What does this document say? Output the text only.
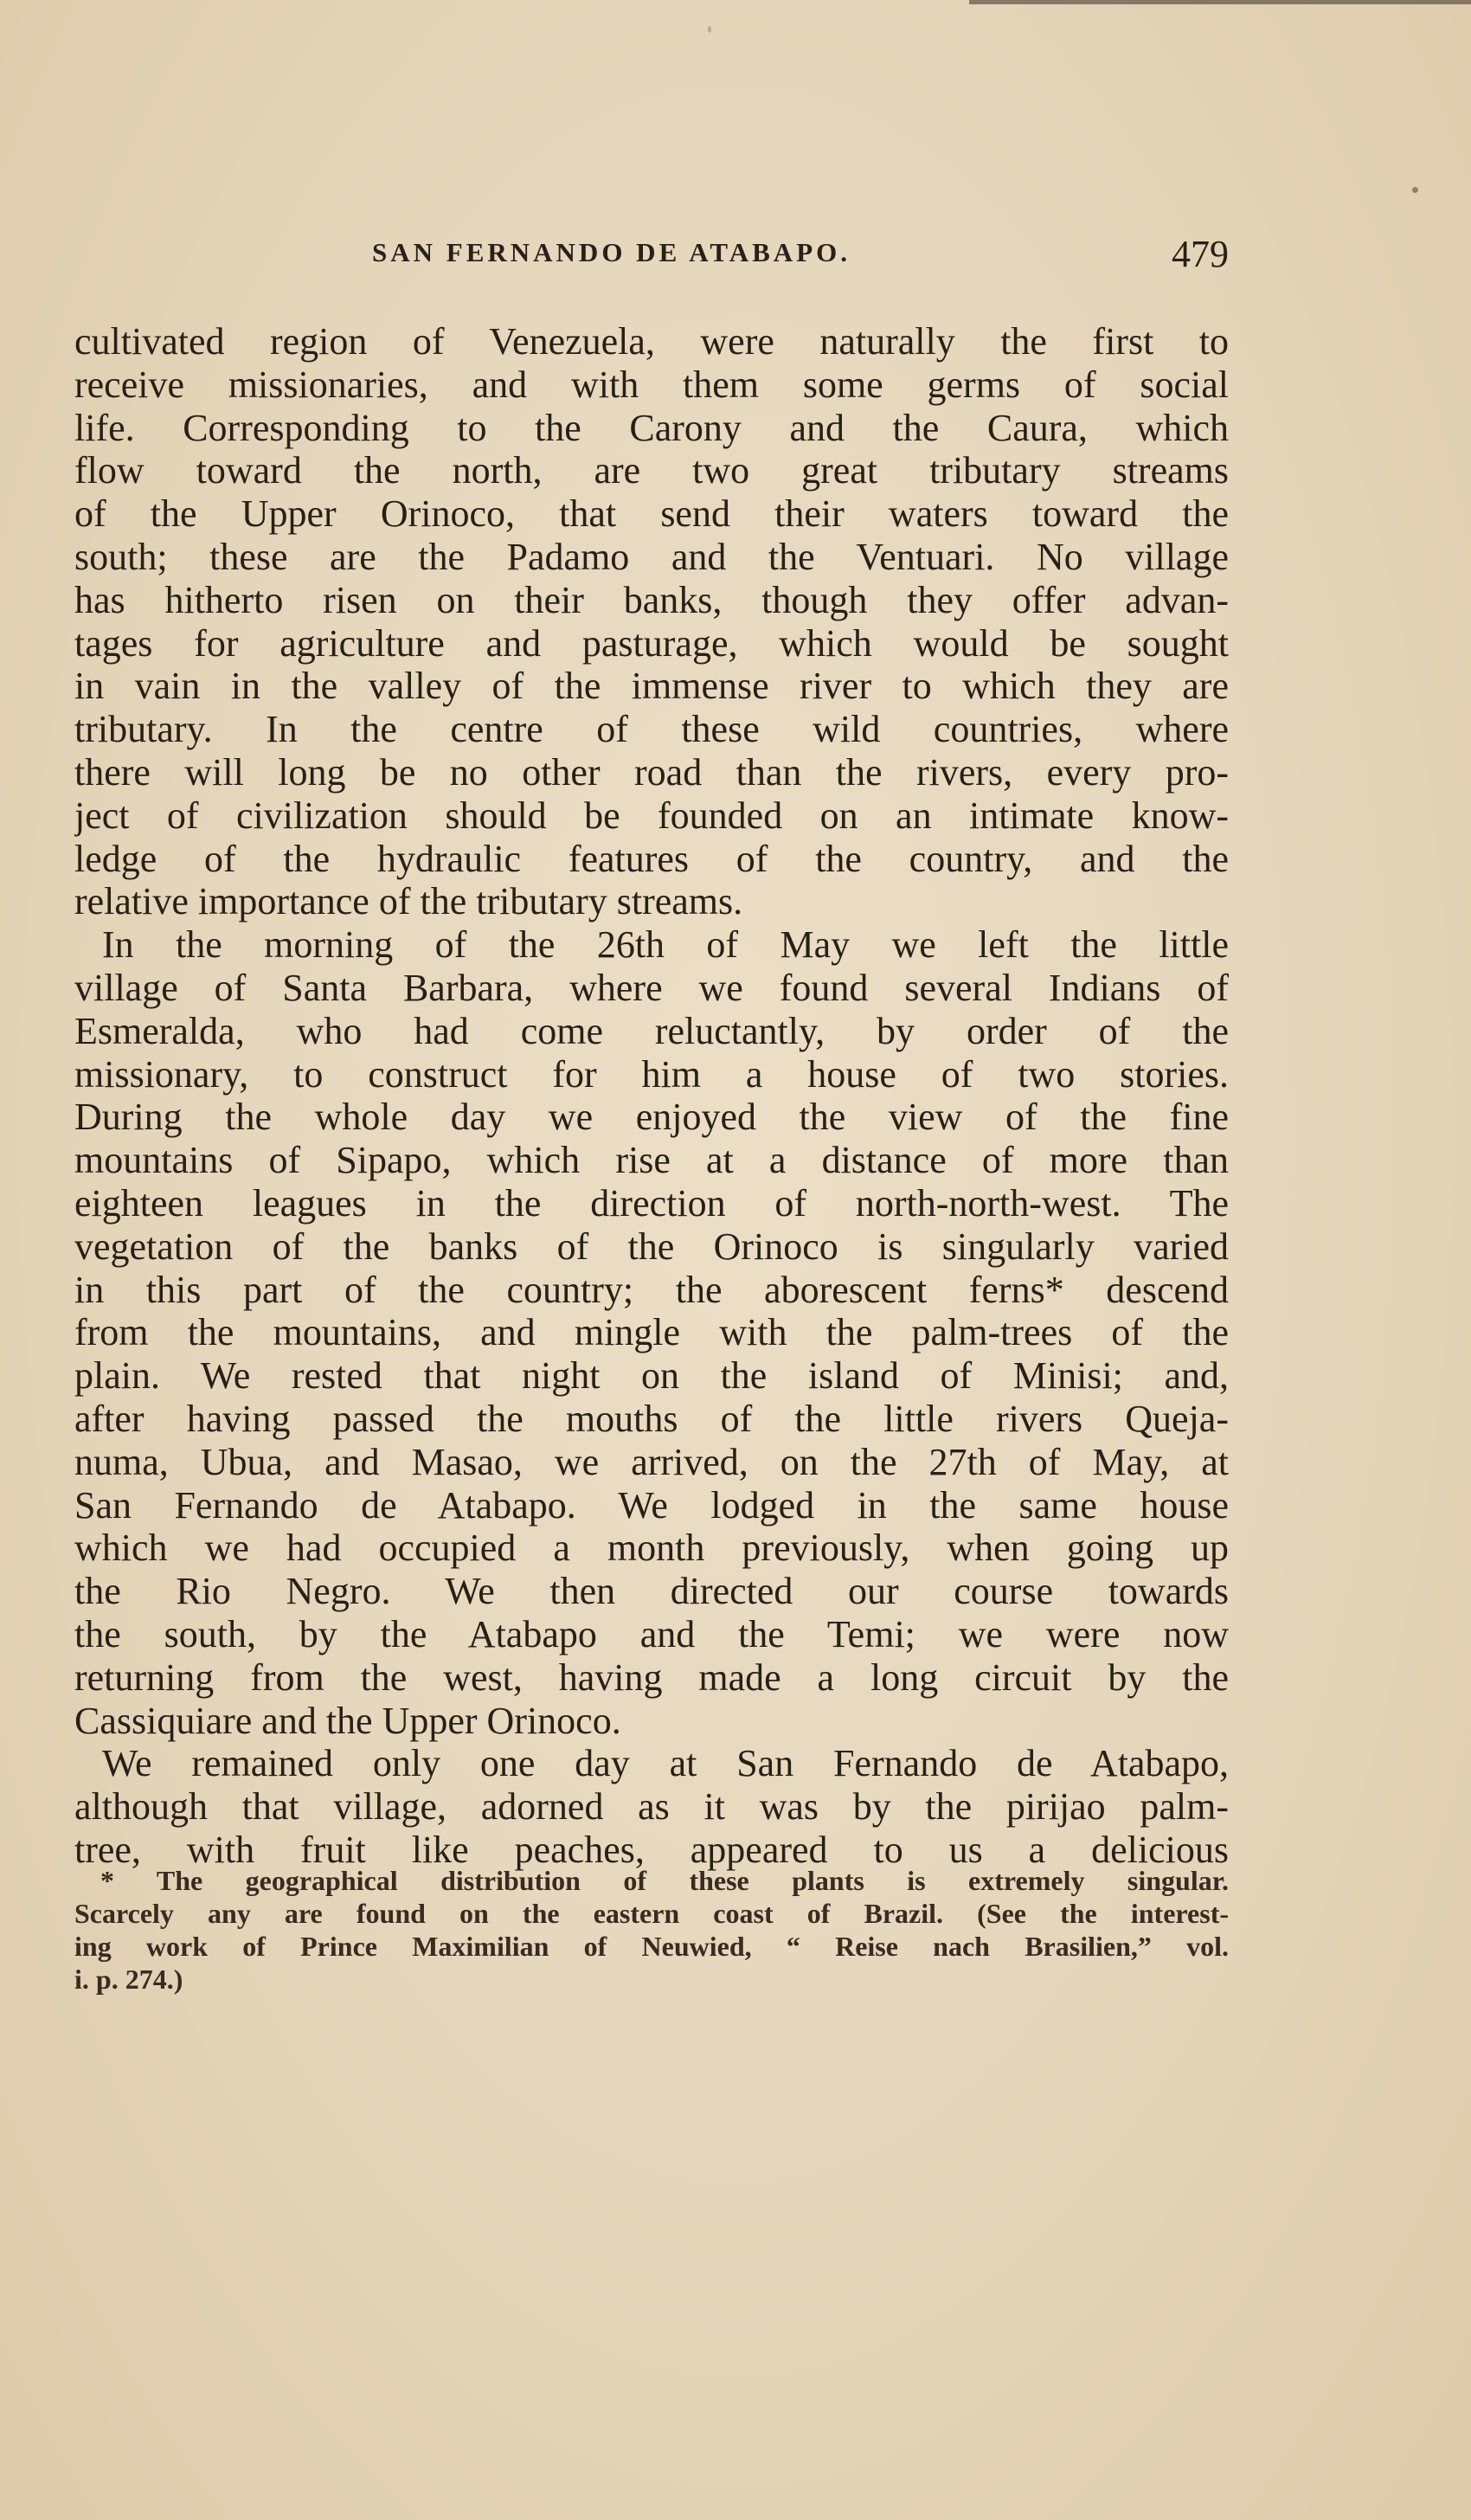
SAN FERNANDO DE ATABAPO.	479
cultivated region of Venezuela, were naturally the first to
receive missionaries, and with them some germs of social
life. Corresponding to the Carony and the Caura, which
flow toward the north, are two great tributary streams
of the Upper Orinoco, that send their waters toward the
south; these are the Padamo and the Ventuari. No village
has hitherto risen on their banks, though they offer advan-
tages for agriculture and pasturage, which would be sought
in vain in the valley of the immense river to which they are
tributary. In the centre of these wild countries, where
there will long be no other road than the rivers, every pro-
ject of civilization should be founded on an intimate know-
ledge of the hydraulic features of the country, and the
relative importance of the tributary streams.
In the morning of the 26th of May we left the little
village of Santa Barbara, where we found several Indians of
Esmeralda, who had come reluctantly, by order of the
missionary, to construct for him a house of two stories.
During the whole day we enjoyed the view of the fine
mountains of Sipapo, which rise at a distance of more than
eighteen leagues in the direction of north-north-west. The
vegetation of the banks of the Orinoco is singularly varied
in this part of the country; the aborescent ferns* descend
from the mountains, and mingle with the palm-trees of the
plain. We rested that night on the island of Minisi; and,
after having passed the mouths of the little rivers Queja-
numa, Ubua, and Masao, we arrived, on the 27th of May, at
San Fernando de Atabapo. We lodged in the same house
which we had occupied a month previously, when going up
the Rio Negro. We then directed our course towards
the south, by the Atabapo and the Temi; we were now
returning from the west, having made a long circuit by the
Cassiquiare and the Upper Orinoco.
We remained only one day at San Fernando de Atabapo,
although that village, adorned as it was by the pirijao palm-
tree, with fruit like peaches, appeared to us a delicious
* The geographical distribution of these plants is extremely singular.
Scarcely any are found on the eastern coast of Brazil. (See the interest-
ing work of Prince Maximilian of Neuwied, “ Reise nach Brasilien,” vol.
i. p. 274.)
